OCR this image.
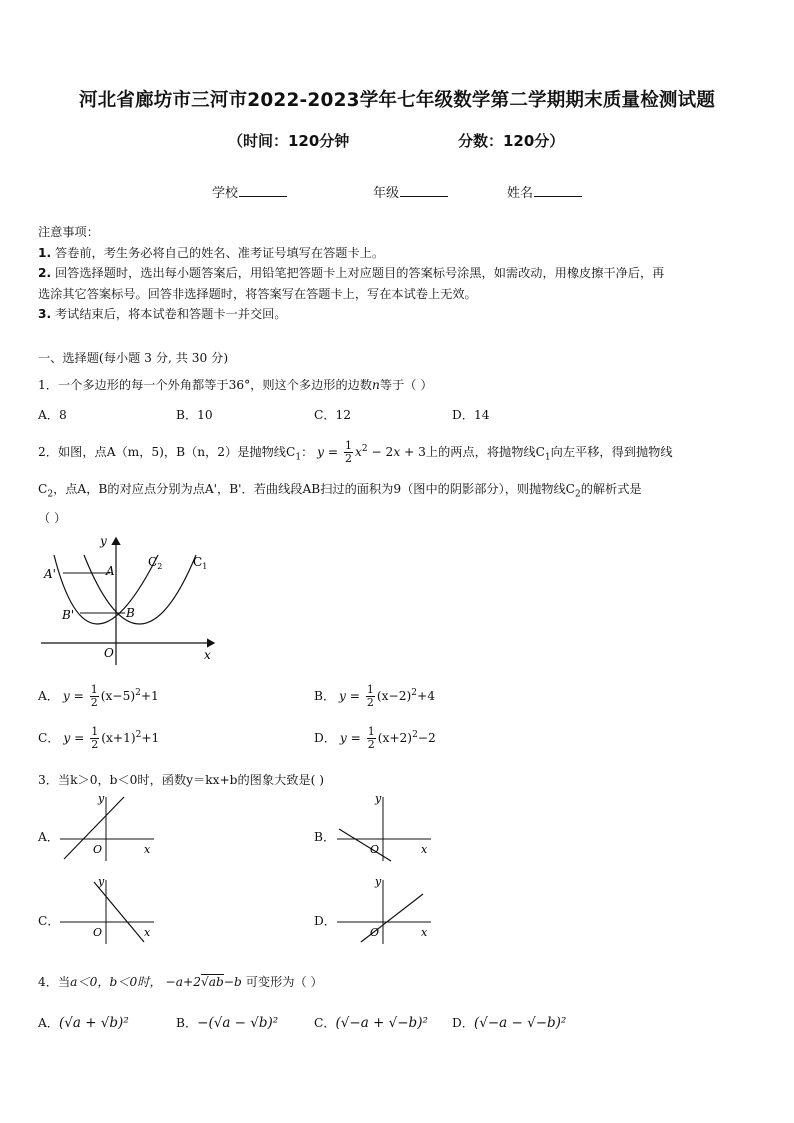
河北省廊坊市三河市2022-2023学年七年级数学第二学期期末质量检测试题
（时间：120分钟	分数：120分）
学校	年级	姓名
注意事项：
1. 答卷前，考生务必将自己的姓名、准考证号填写在答题卡上。
2. 回答选择题时，选出每小题答案后，用铅笔把答题卡上对应题目的答案标号涂黑，如需改动，用橡皮擦干净后，再
选涂其它答案标号。回答非选择题时，将答案写在答题卡上，写在本试卷上无效。
3. 考试结束后，将本试卷和答题卡一并交回。
一、选择题(每小题 3 分, 共 30 分)
1．一个多边形的每一个外角都等于36°，则这个多边形的边数n等于（ ）
A．8	B．10	C．12	D．14
2．如图，点A（m，5)，B（n，2）是抛物线$C_1$： $y = \frac{1}{2} x^2 - 2x + 3$上的两点，将抛物线$C_1$向左平移，得到抛物线
$C_2$，点A，B的对应点分别为点A'，B'．若曲线段AB扫过的面积为9（图中的阴影部分），则抛物线$C_2$的解析式是
（ ）
y
x
O
A
A'
B
B'
$C_2$	$C_1$
A． $y = \frac{1}{2} (x-5)^2+1$	B． $y = \frac{1}{2} (x-2)^2+4$
C． $y = \frac{1}{2} (x+1)^2+1$	D． $y = \frac{1}{2} (x+2)^2-2$
3．当k＞0，b＜0时，函数y＝kx+b的图象大致是( )
A．	B．
C．	D．
y
x
O
y
x
O
y
x
O
y
x
O
4．当a＜0，b＜0时， −a+2√ab−b 可变形为（ ）
A．(√a + √b)²	B．−(√a − √b)²	C．(√−a + √−b)² D．(√−a − √−b)²
